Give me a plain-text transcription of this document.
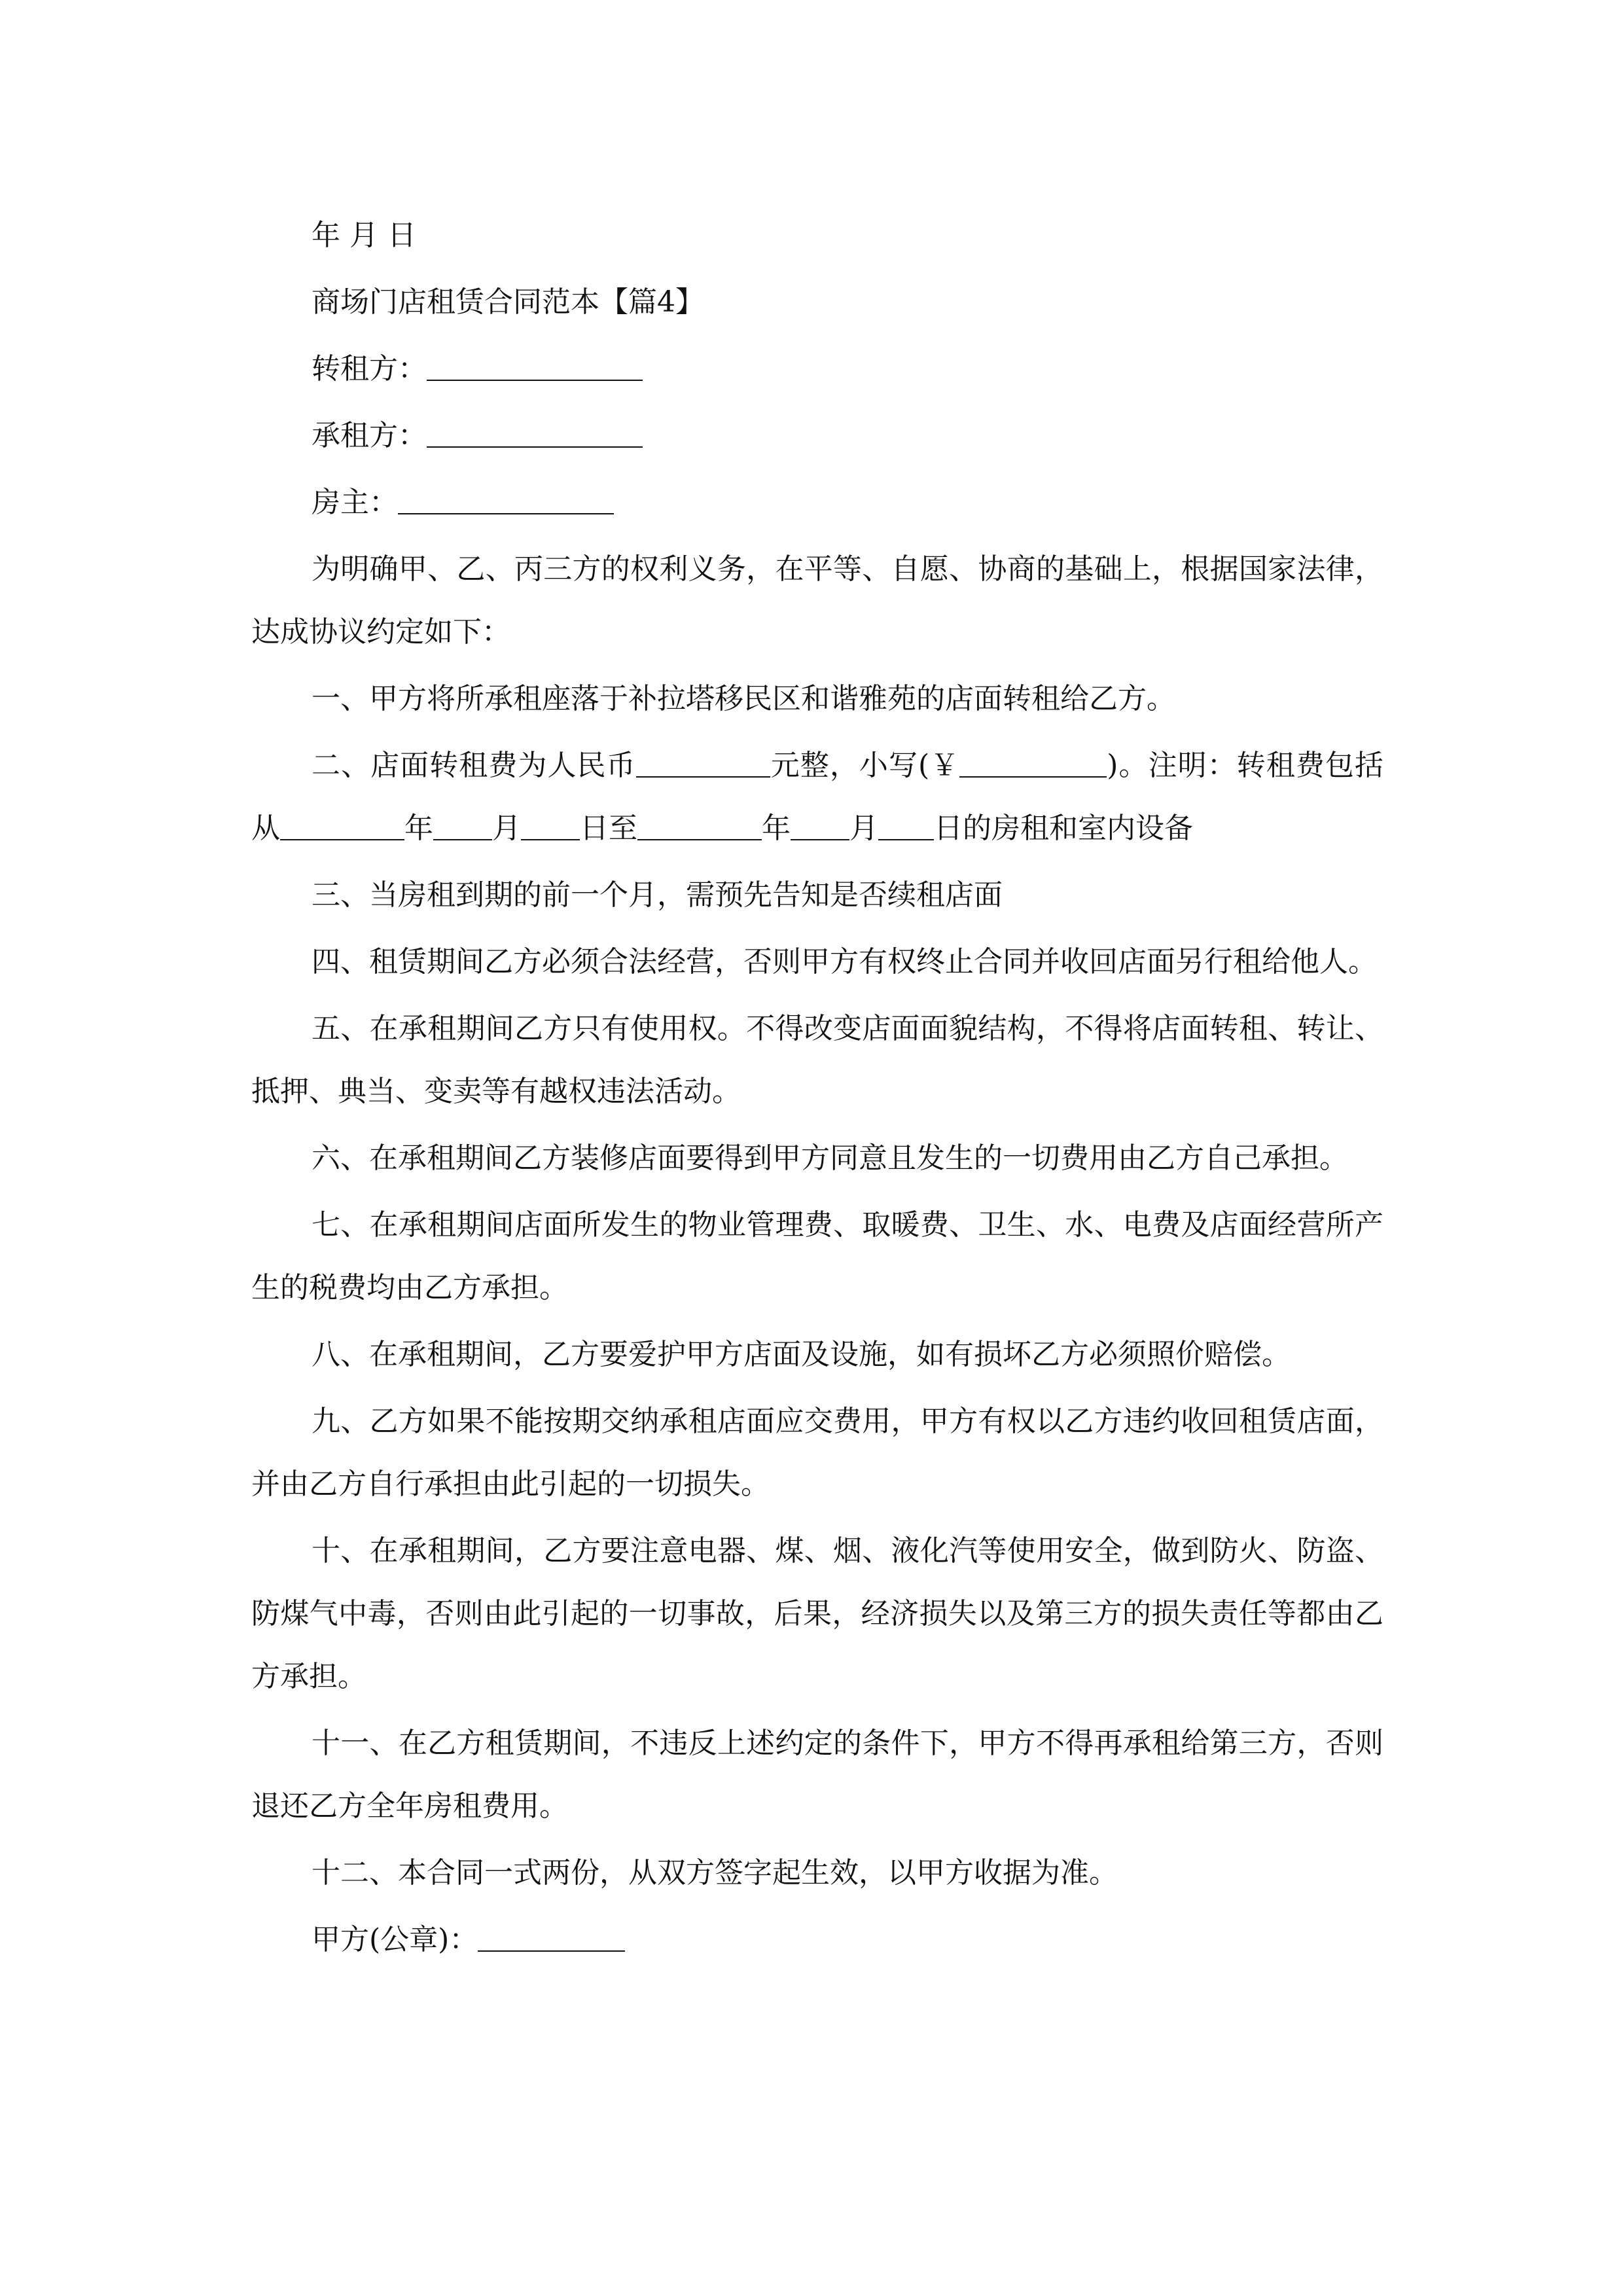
年 月 日

商场门店租赁合同范本【篇4】

转租方：

承租方：

房主：

为明确甲、乙、丙三方的权利义务，在平等、自愿、协商的基础上，根据国家法律，达成协议约定如下：

一、甲方将所承租座落于补拉塔移民区和谐雅苑的店面转租给乙方。

二、店面转租费为人民币	元整，小写(￥	)。注明：转租费包括从	年 月 日至	年 月 日的房租和室内设备

三、当房租到期的前一个月，需预先告知是否续租店面

四、租赁期间乙方必须合法经营，否则甲方有权终止合同并收回店面另行租给他人。

五、在承租期间乙方只有使用权。不得改变店面面貌结构，不得将店面转租、转让、抵押、典当、变卖等有越权违法活动。

六、在承租期间乙方装修店面要得到甲方同意且发生的一切费用由乙方自己承担。

七、在承租期间店面所发生的物业管理费、取暖费、卫生、水、电费及店面经营所产生的税费均由乙方承担。

八、在承租期间，乙方要爱护甲方店面及设施，如有损坏乙方必须照价赔偿。

九、乙方如果不能按期交纳承租店面应交费用，甲方有权以乙方违约收回租赁店面，并由乙方自行承担由此引起的一切损失。

十、在承租期间，乙方要注意电器、煤、烟、液化汽等使用安全，做到防火、防盗、防煤气中毒，否则由此引起的一切事故，后果，经济损失以及第三方的损失责任等都由乙方承担。

十一、在乙方租赁期间，不违反上述约定的条件下，甲方不得再承租给第三方，否则退还乙方全年房租费用。

十二、本合同一式两份，从双方签字起生效，以甲方收据为准。

甲方(公章)：
